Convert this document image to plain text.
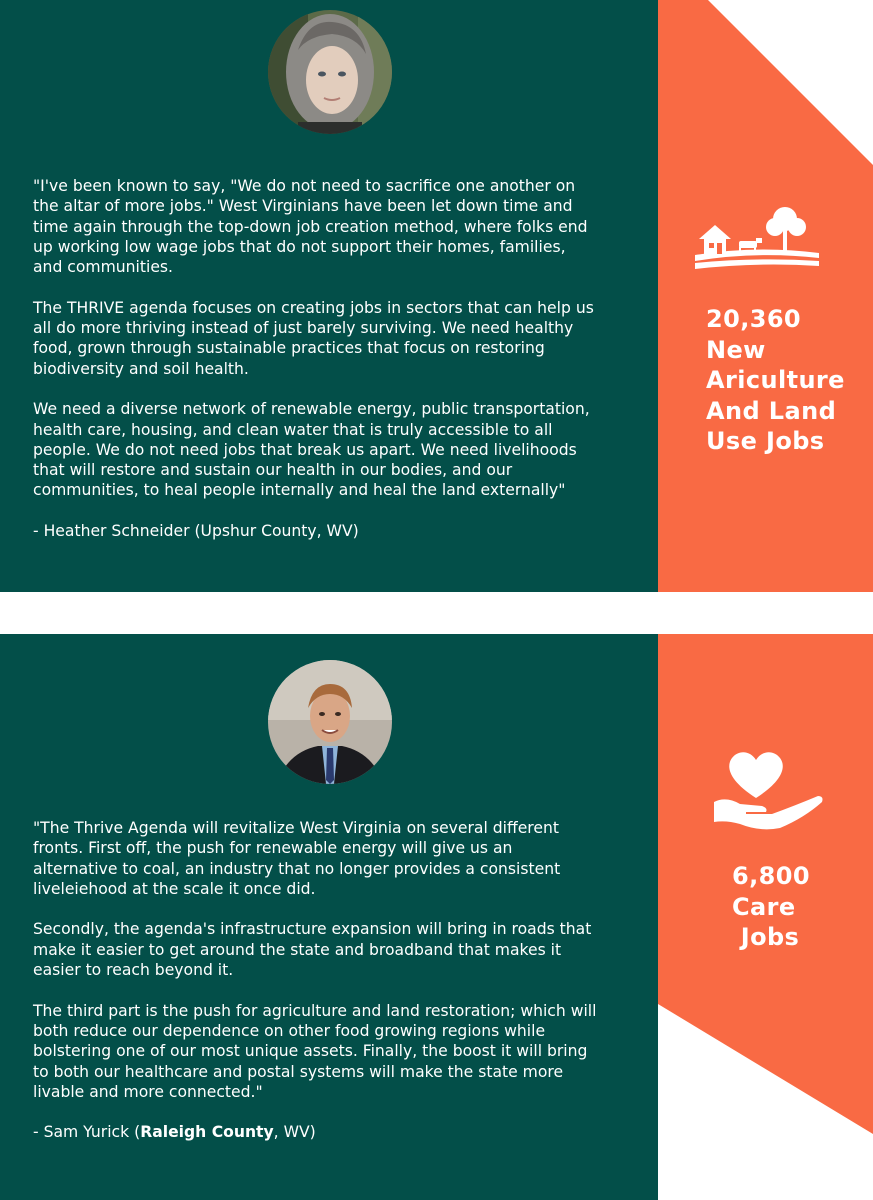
"I've been known to say, "We do not need to sacrifice one another on
the altar of more jobs." West Virginians have been let down time and
time again through the top-down job creation method, where folks end
up working low wage jobs that do not support their homes, families,
and communities.

The THRIVE agenda focuses on creating jobs in sectors that can help us
all do more thriving instead of just barely surviving. We need healthy
food, grown through sustainable practices that focus on restoring
biodiversity and soil health.

We need a diverse network of renewable energy, public transportation,
health care, housing, and clean water that is truly accessible to all
people. We do not need jobs that break us apart. We need livelihoods
that will restore and sustain our health in our bodies, and our
communities, to heal people internally and heal the land externally"

- Heather Schneider (Upshur County, WV)

20,360
New
Ariculture
And Land
Use Jobs

"The Thrive Agenda will revitalize West Virginia on several different
fronts. First off, the push for renewable energy will give us an
alternative to coal, an industry that no longer provides a consistent
liveleiehood at the scale it once did.

Secondly, the agenda's infrastructure expansion will bring in roads that
make it easier to get around the state and broadband that makes it
easier to reach beyond it.

The third part is the push for agriculture and land restoration; which will
both reduce our dependence on other food growing regions while
bolstering one of our most unique assets. Finally, the boost it will bring
to both our healthcare and postal systems will make the state more
livable and more connected."

- Sam Yurick (Raleigh County, WV)

6,800
Care
Jobs
